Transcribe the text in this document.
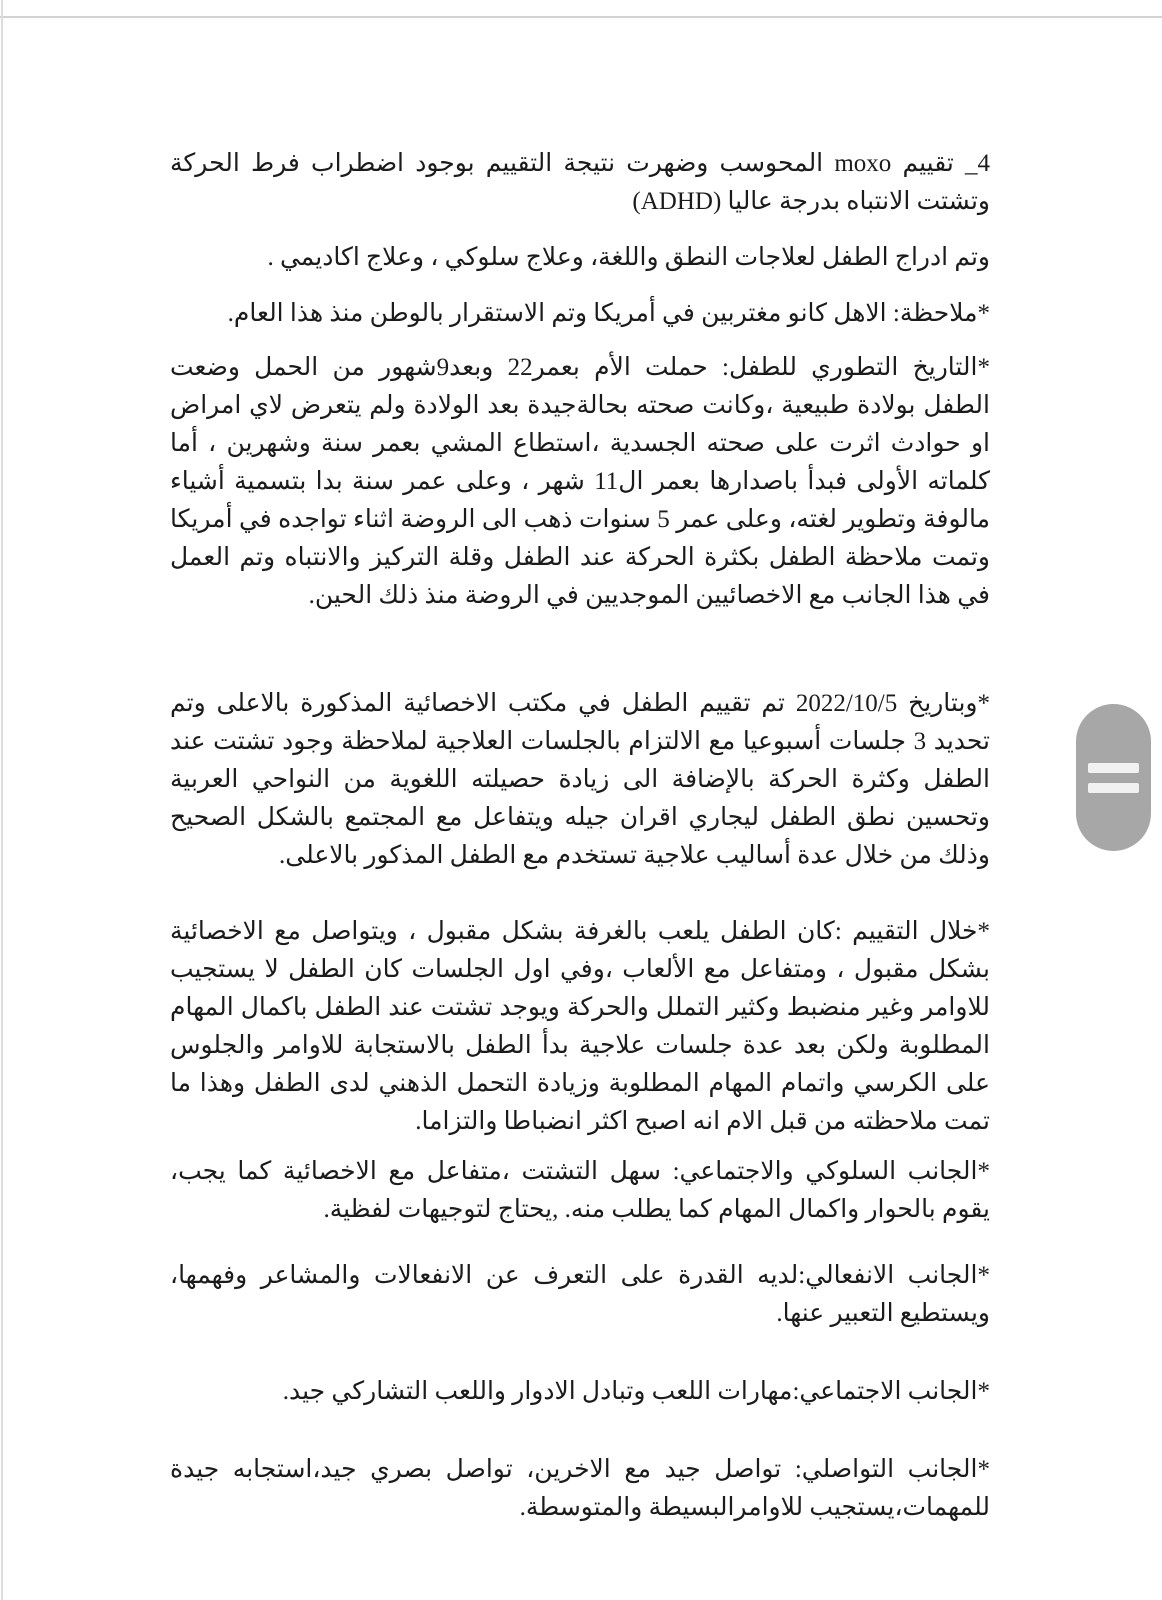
4_ تقييم moxo المحوسب وضهرت نتيجة التقييم بوجود اضطراب فرط الحركة وتشتت الانتباه بدرجة عاليا (ADHD)

وتم ادراج الطفل لعلاجات النطق واللغة، وعلاج سلوكي ، وعلاج اكاديمي .

*ملاحظة: الاهل كانو مغتربين في أمريكا وتم الاستقرار بالوطن منذ هذا العام.

*التاريخ التطوري للطفل: حملت الأم بعمر22 وبعد9شهور من الحمل وضعت الطفل بولادة طبيعية ،وكانت صحته بحالةجيدة بعد الولادة ولم يتعرض لاي امراض او حوادث اثرت على صحته الجسدية ،استطاع المشي بعمر سنة وشهرين ، أما كلماته الأولى فبدأ باصدارها بعمر ال11 شهر ، وعلى عمر سنة بدا بتسمية أشياء مالوفة وتطوير لغته، وعلى عمر 5 سنوات ذهب الى الروضة اثناء تواجده في أمريكا وتمت ملاحظة الطفل بكثرة الحركة عند الطفل وقلة التركيز والانتباه وتم العمل في هذا الجانب مع الاخصائيين الموجديين في الروضة منذ ذلك الحين.

*وبتاريخ 2022/10/5 تم تقييم الطفل في مكتب الاخصائية المذكورة بالاعلى وتم تحديد 3 جلسات أسبوعيا مع الالتزام بالجلسات العلاجية لملاحظة وجود تشتت عند الطفل وكثرة الحركة بالإضافة الى زيادة حصيلته اللغوية من النواحي العربية وتحسين نطق الطفل ليجاري اقران جيله ويتفاعل مع المجتمع بالشكل الصحيح وذلك من خلال عدة أساليب علاجية تستخدم مع الطفل المذكور بالاعلى.

*خلال التقييم :كان الطفل يلعب بالغرفة بشكل مقبول ، ويتواصل مع الاخصائية بشكل مقبول ، ومتفاعل مع الألعاب ،وفي اول الجلسات كان الطفل لا يستجيب للاوامر وغير منضبط وكثير التملل والحركة ويوجد تشتت عند الطفل باكمال المهام المطلوبة ولكن بعد عدة جلسات علاجية بدأ الطفل بالاستجابة للاوامر والجلوس على الكرسي واتمام المهام المطلوبة وزيادة التحمل الذهني لدى الطفل وهذا ما تمت ملاحظته من قبل الام انه اصبح اكثر انضباطا والتزاما.

*الجانب السلوكي والاجتماعي: سهل التشتت ،متفاعل مع الاخصائية كما يجب، يقوم بالحوار واكمال المهام كما يطلب منه. ,يحتاج لتوجيهات لفظية.

*الجانب الانفعالي:لديه القدرة على التعرف عن الانفعالات والمشاعر وفهمها، ويستطيع التعبير عنها.

*الجانب الاجتماعي:مهارات اللعب وتبادل الادوار واللعب التشاركي جيد.

*الجانب التواصلي: تواصل جيد مع الاخرين، تواصل بصري جيد،استجابه جيدة للمهمات،يستجيب للاوامرالبسيطة والمتوسطة.
